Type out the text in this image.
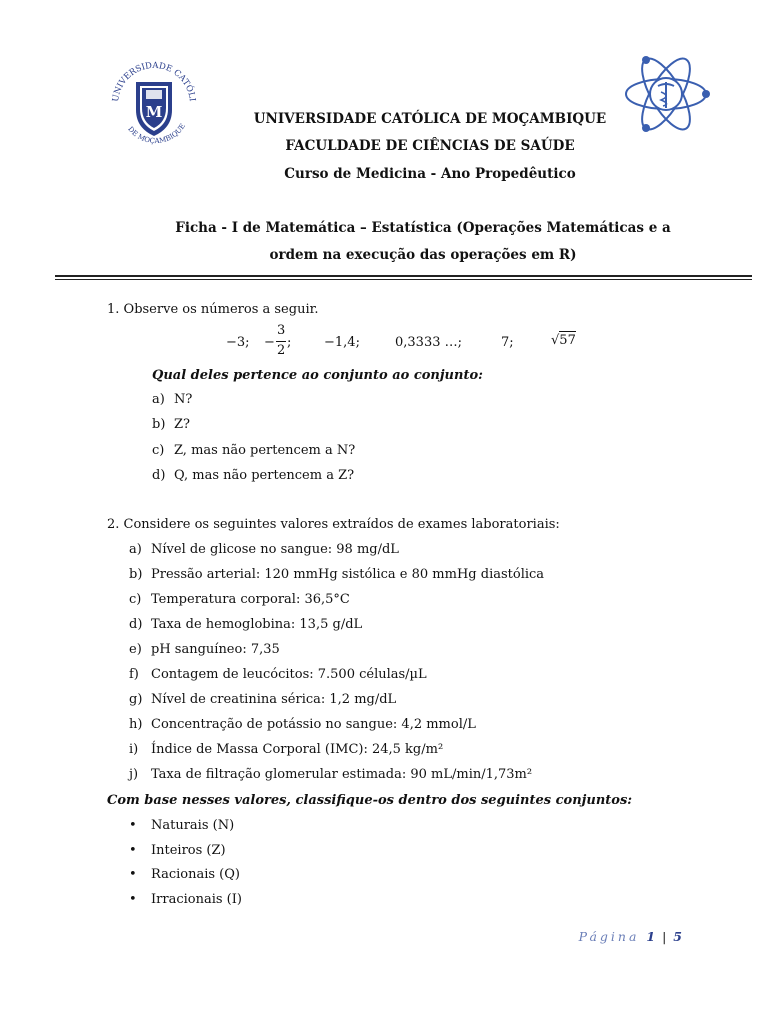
UNIVERSIDADE CATÓLI
DE MOÇAMBIQUE
M	UNIVERSIDADE CATÓLICA DE MOÇAMBIQUE
FACULDADE DE CIÊNCIAS DE SAÚDE
Curso de Medicina - Ano Propedêutico
Ficha - I de Matemática – Estatística (Operações Matemáticas e a
ordem na execução das operações em R)
1. Observe os números a seguir.
−3; −
3
2
;	−1,4;	0,3333 …;	7;	√57
Qual deles pertence ao conjunto ao conjunto:
a) N?
b) Z?
c) Z, mas não pertencem a N?
d) Q, mas não pertencem a Z?
2. Considere os seguintes valores extraídos de exames laboratoriais:
a) Nível de glicose no sangue: 98 mg/dL
b) Pressão arterial: 120 mmHg sistólica e 80 mmHg diastólica
c) Temperatura corporal: 36,5°C
d) Taxa de hemoglobina: 13,5 g/dL
e) pH sanguíneo: 7,35
f) Contagem de leucócitos: 7.500 células/µL
g) Nível de creatinina sérica: 1,2 mg/dL
h) Concentração de potássio no sangue: 4,2 mmol/L
i) Índice de Massa Corporal (IMC): 24,5 kg/m²
j) Taxa de filtração glomerular estimada: 90 mL/min/1,73m²
Com base nesses valores, classifique-os dentro dos seguintes conjuntos:
• Naturais (N)
• Inteiros (Z)
• Racionais (Q)
• Irracionais (I)
Página 1 | 5
